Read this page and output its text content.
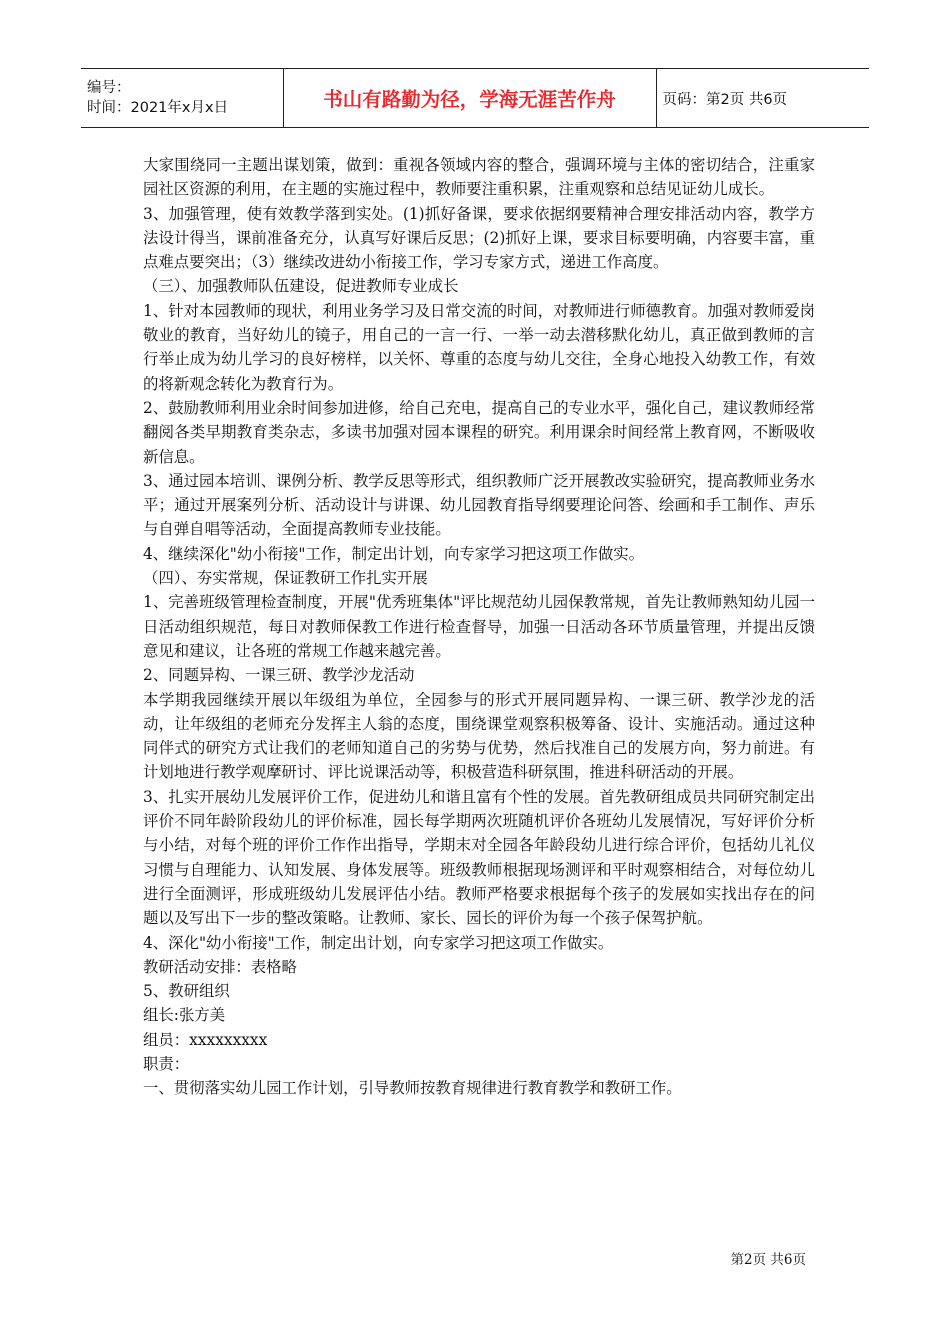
编号：
时间：2021年x月x日	书山有路勤为径，学海无涯苦作舟	页码：第2页 共6页

大家围绕同一主题出谋划策，做到：重视各领域内容的整合，强调环境与主体的密切结合，注重家园社区资源的利用，在主题的实施过程中，教师要注重积累，注重观察和总结见证幼儿成长。

3、加强管理，使有效教学落到实处。(1)抓好备课，要求依据纲要精神合理安排活动内容，教学方法设计得当，课前准备充分，认真写好课后反思；(2)抓好上课，要求目标要明确，内容要丰富，重点难点要突出；（3）继续改进幼小衔接工作，学习专家方式，递进工作高度。

（三）、加强教师队伍建设，促进教师专业成长

1、针对本园教师的现状，利用业务学习及日常交流的时间，对教师进行师德教育。加强对教师爱岗敬业的教育，当好幼儿的镜子，用自己的一言一行、一举一动去潜移默化幼儿，真正做到教师的言行举止成为幼儿学习的良好榜样，以关怀、尊重的态度与幼儿交往，全身心地投入幼教工作，有效的将新观念转化为教育行为。

2、鼓励教师利用业余时间参加进修，给自己充电，提高自己的专业水平，强化自己，建议教师经常翻阅各类早期教育类杂志，多读书加强对园本课程的研究。利用课余时间经常上教育网，不断吸收新信息。

3、通过园本培训、课例分析、教学反思等形式，组织教师广泛开展教改实验研究，提高教师业务水平；通过开展案列分析、活动设计与讲课、幼儿园教育指导纲要理论问答、绘画和手工制作、声乐与自弹自唱等活动，全面提高教师专业技能。

4、继续深化"幼小衔接"工作，制定出计划，向专家学习把这项工作做实。

（四）、夯实常规，保证教研工作扎实开展

1、完善班级管理检查制度，开展"优秀班集体"评比规范幼儿园保教常规，首先让教师熟知幼儿园一日活动组织规范，每日对教师保教工作进行检查督导，加强一日活动各环节质量管理，并提出反馈意见和建议，让各班的常规工作越来越完善。

2、同题异构、一课三研、教学沙龙活动

本学期我园继续开展以年级组为单位，全园参与的形式开展同题异构、一课三研、教学沙龙的活动，让年级组的老师充分发挥主人翁的态度，围绕课堂观察积极筹备、设计、实施活动。通过这种同伴式的研究方式让我们的老师知道自己的劣势与优势，然后找准自己的发展方向，努力前进。有计划地进行教学观摩研讨、评比说课活动等，积极营造科研氛围，推进科研活动的开展。

3、扎实开展幼儿发展评价工作，促进幼儿和谐且富有个性的发展。首先教研组成员共同研究制定出评价不同年龄阶段幼儿的评价标准，园长每学期两次班随机评价各班幼儿发展情况，写好评价分析与小结，对每个班的评价工作作出指导，学期末对全园各年龄段幼儿进行综合评价，包括幼儿礼仪习惯与自理能力、认知发展、身体发展等。班级教师根据现场测评和平时观察相结合，对每位幼儿进行全面测评，形成班级幼儿发展评估小结。教师严格要求根据每个孩子的发展如实找出存在的问题以及写出下一步的整改策略。让教师、家长、园长的评价为每一个孩子保驾护航。

4、深化"幼小衔接"工作，制定出计划，向专家学习把这项工作做实。

教研活动安排：表格略

5、教研组织

组长:张方美

组员：xxxxxxxxx

职责：

一、贯彻落实幼儿园工作计划，引导教师按教育规律进行教育教学和教研工作。

第2页 共6页
